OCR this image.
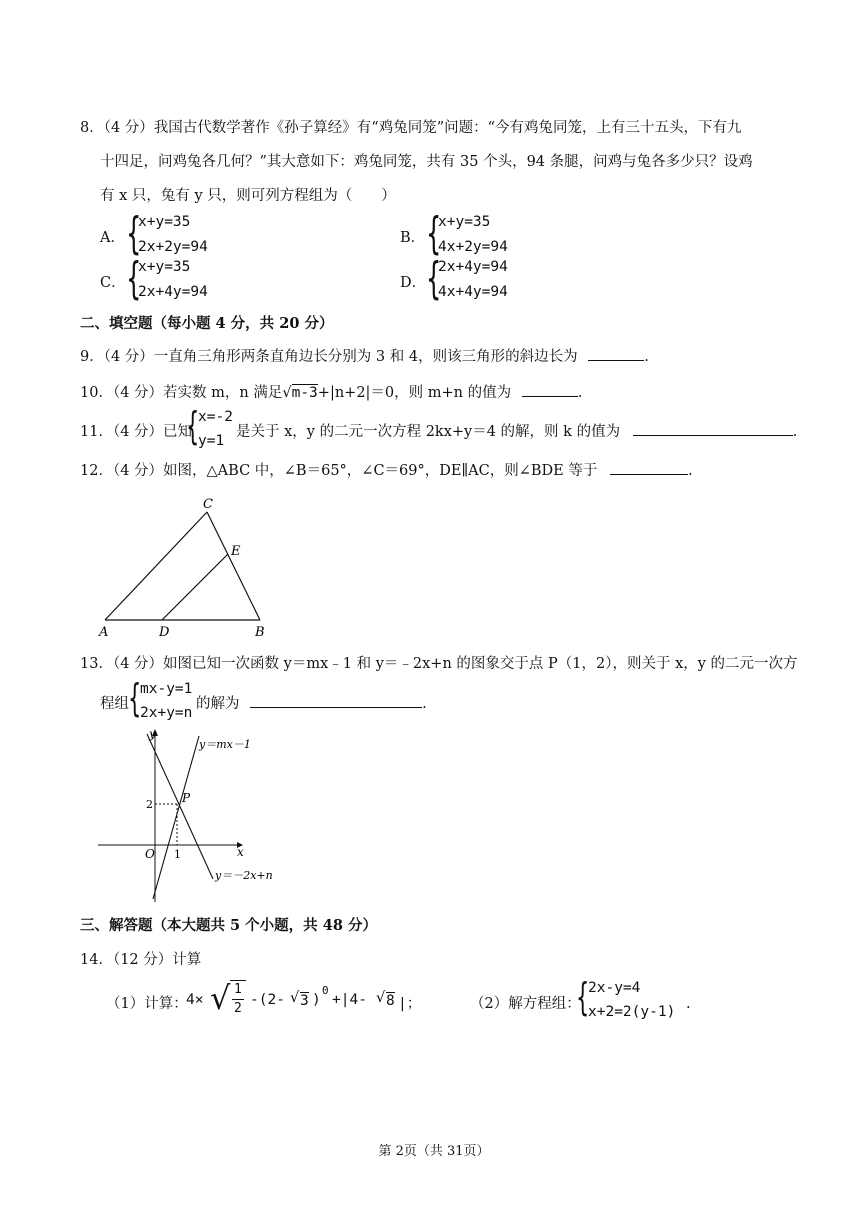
8．（4 分）我国古代数学著作《孙子算经》有“鸡兔同笼”问题：“今有鸡兔同笼，上有三十五头，下有九
十四足，问鸡兔各几何？”其大意如下：鸡兔同笼，共有 35 个头，94 条腿，问鸡与兔各多少只？设鸡
有 x 只，兔有 y 只，则可列方程组为（　　）
A． {
x+y=35
2x+2y=94
B． {
x+y=35
4x+2y=94
C． {
x+y=35
2x+4y=94
D． {
2x+4y=94
4x+4y=94
二、填空题（每小题 4 分，共 20 分）
9．（4 分）一直角三角形两条直角边长分别为 3 和 4，则该三角形的斜边长为	.
10．（4 分）若实数 m，n 满足√m-3+|n+2|＝0，则 m+n 的值为	.
11．（4 分）已知
{
x=-2
y=1
是关于 x，y 的二元一次方程 2kx+y＝4 的解，则 k 的值为	.
12．（4 分）如图，△ABC 中，∠B＝65°，∠C＝69°，DE∥AC，则∠BDE 等于	.
C
E
A	D	B
13．（4 分）如图已知一次函数 y＝mx﹣1 和 y＝﹣2x+n 的图象交于点 P（1，2），则关于 x，y 的二元一次方
程组 {
mx-y=1
2x+y=n
的解为	.
y
x
O 1
2 P
y＝mx－1
y＝－2x+n
三、解答题（本大题共 5 个小题，共 48 分）
14．（12 分）计算
（1）计算：
4× √ 1
2
-(2- √ 3 )
0
+|4- √ 8 |；	（2）解方程组：
{
2x-y=4
x+2=2(y-1) .
第 2页（共 31页）
